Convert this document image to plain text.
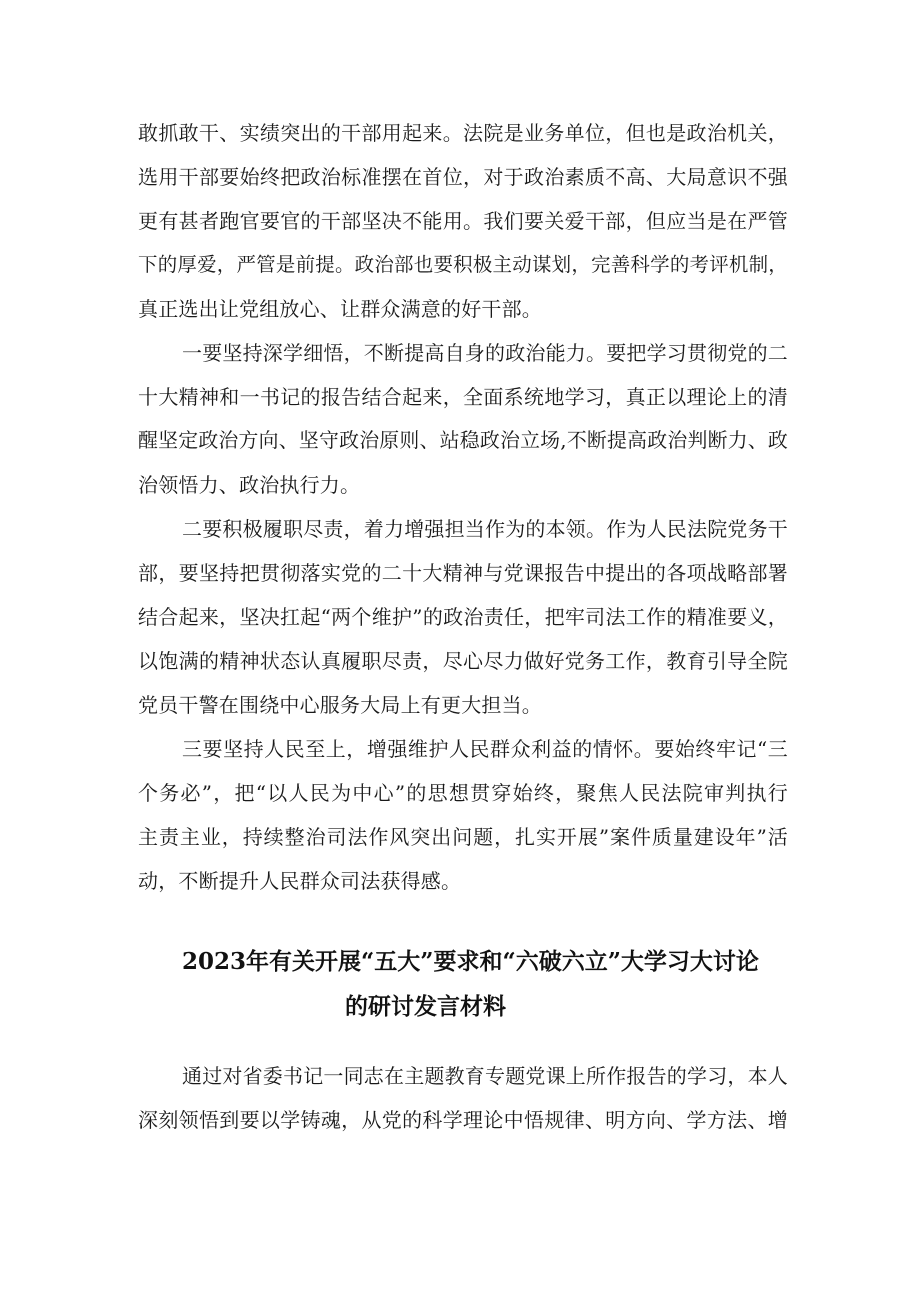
敢抓敢干、实绩突出的干部用起来。法院是业务单位，但也是政治机关，
选用干部要始终把政治标准摆在首位，对于政治素质不高、大局意识不强
更有甚者跑官要官的干部坚决不能用。我们要关爱干部，但应当是在严管
下的厚爱，严管是前提。政治部也要积极主动谋划，完善科学的考评机制，
真正选出让党组放心、让群众满意的好干部。
一要坚持深学细悟，不断提高自身的政治能力。要把学习贯彻党的二
十大精神和一书记的报告结合起来，全面系统地学习，真正以理论上的清
醒坚定政治方向、坚守政治原则、站稳政治立场,不断提高政治判断力、政
治领悟力、政治执行力。
二要积极履职尽责，着力增强担当作为的本领。作为人民法院党务干
部，要坚持把贯彻落实党的二十大精神与党课报告中提出的各项战略部署
结合起来，坚决扛起“两个维护”的政治责任，把牢司法工作的精准要义，
以饱满的精神状态认真履职尽责，尽心尽力做好党务工作，教育引导全院
党员干警在围绕中心服务大局上有更大担当。
三要坚持人民至上，增强维护人民群众利益的情怀。要始终牢记“三
个务必”，把“以人民为中心”的思想贯穿始终，聚焦人民法院审判执行
主责主业，持续整治司法作风突出问题，扎实开展”案件质量建设年”活
动，不断提升人民群众司法获得感。
2023年有关开展“五大”要求和“六破六立”大学习大讨论
的研讨发言材料
通过对省委书记一同志在主题教育专题党课上所作报告的学习，本人
深刻领悟到要以学铸魂，从党的科学理论中悟规律、明方向、学方法、增
